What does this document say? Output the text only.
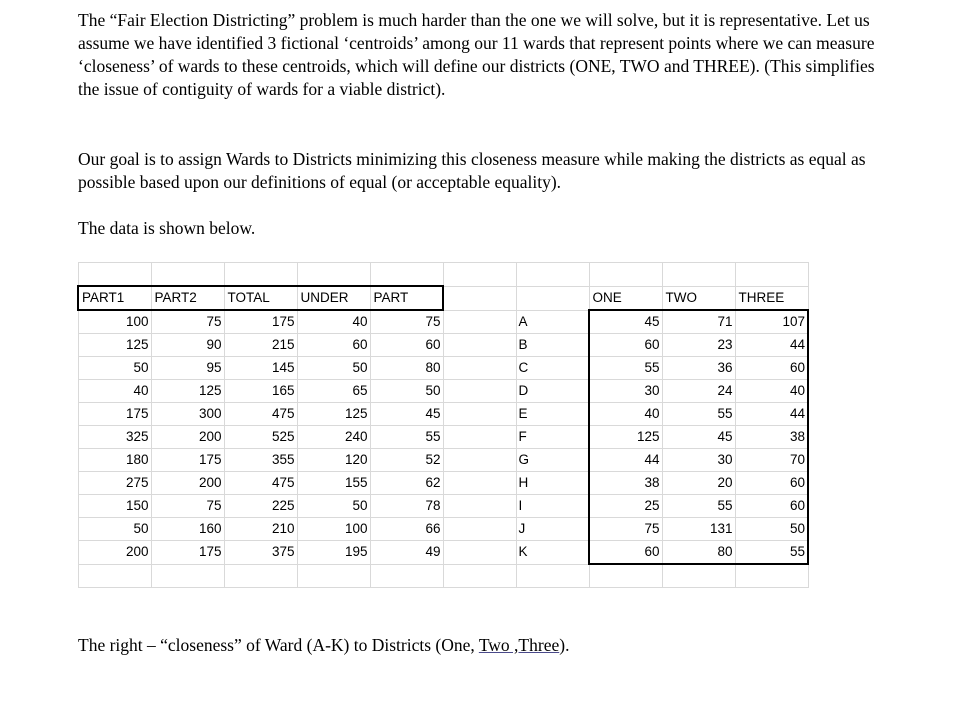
The “Fair Election Districting” problem is much harder than the one we will solve, but it is representative. Let us assume we have identified 3 fictional ‘centroids’ among our 11 wards that represent points where we can measure ‘closeness’ of wards to these centroids, which will define our districts (ONE, TWO and THREE). (This simplifies the issue of contiguity of wards for a viable district).

Our goal is to assign Wards to Districts minimizing this closeness measure while making the districts as equal as possible based upon our definitions of equal (or acceptable equality).

The data is shown below.

PART1	PART2	TOTAL	UNDER	PART			ONE	TWO	THREE
100	75	175	40	75		A	45	71	107
125	90	215	60	60		B	60	23	44
50	95	145	50	80		C	55	36	60
40	125	165	65	50		D	30	24	40
175	300	475	125	45		E	40	55	44
325	200	525	240	55		F	125	45	38
180	175	355	120	52		G	44	30	70
275	200	475	155	62		H	38	20	60
150	75	225	50	78		I	25	55	60
50	160	210	100	66		J	75	131	50
200	175	375	195	49		K	60	80	55

The right – “closeness” of Ward (A-K) to Districts (One, Two ,Three).
